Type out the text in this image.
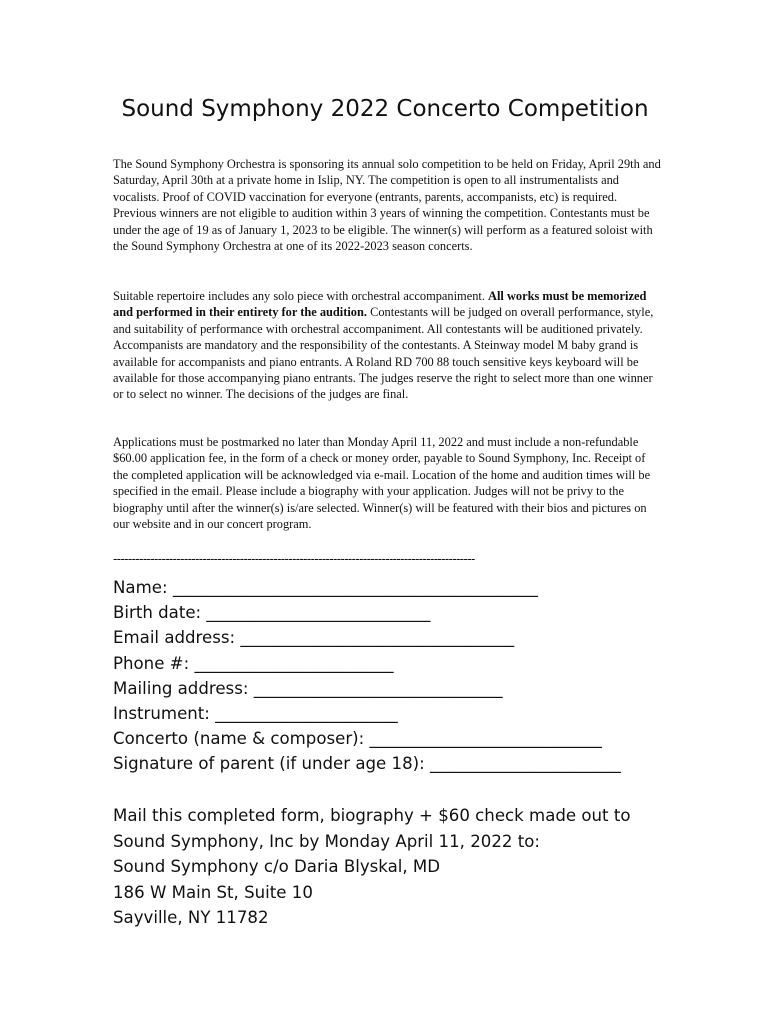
Sound Symphony 2022 Concerto Competition
The Sound Symphony Orchestra is sponsoring its annual solo competition to be held on Friday, April 29th and Saturday, April 30th at a private home in Islip, NY. The competition is open to all instrumentalists and vocalists. Proof of COVID vaccination for everyone (entrants, parents, accompanists, etc) is required. Previous winners are not eligible to audition within 3 years of winning the competition. Contestants must be under the age of 19 as of January 1, 2023 to be eligible. The winner(s) will perform as a featured soloist with the Sound Symphony Orchestra at one of its 2022-2023 season concerts.
Suitable repertoire includes any solo piece with orchestral accompaniment. All works must be memorized and performed in their entirety for the audition. Contestants will be judged on overall performance, style, and suitability of performance with orchestral accompaniment. All contestants will be auditioned privately. Accompanists are mandatory and the responsibility of the contestants. A Steinway model M baby grand is available for accompanists and piano entrants. A Roland RD 700 88 touch sensitive keys keyboard will be available for those accompanying piano entrants. The judges reserve the right to select more than one winner or to select no winner. The decisions of the judges are final.
Applications must be postmarked no later than Monday April 11, 2022 and must include a non-refundable $60.00 application fee, in the form of a check or money order, payable to Sound Symphony, Inc. Receipt of the completed application will be acknowledged via e-mail. Location of the home and audition times will be specified in the email. Please include a biography with your application. Judges will not be privy to the biography until after the winner(s) is/are selected. Winner(s) will be featured with their bios and pictures on our website and in our concert program.
-------------------------------------------------------------------------------------------------
Name: ____________________________________________
Birth date: ___________________________
Email address: _________________________________
Phone #: ________________________
Mailing address: ______________________________
Instrument: ______________________
Concerto (name & composer): ____________________________
Signature of parent (if under age 18): _______________________
Mail this completed form, biography + $60 check made out to
Sound Symphony, Inc by Monday April 11, 2022 to:
Sound Symphony c/o Daria Blyskal, MD
186 W Main St, Suite 10
Sayville, NY 11782
